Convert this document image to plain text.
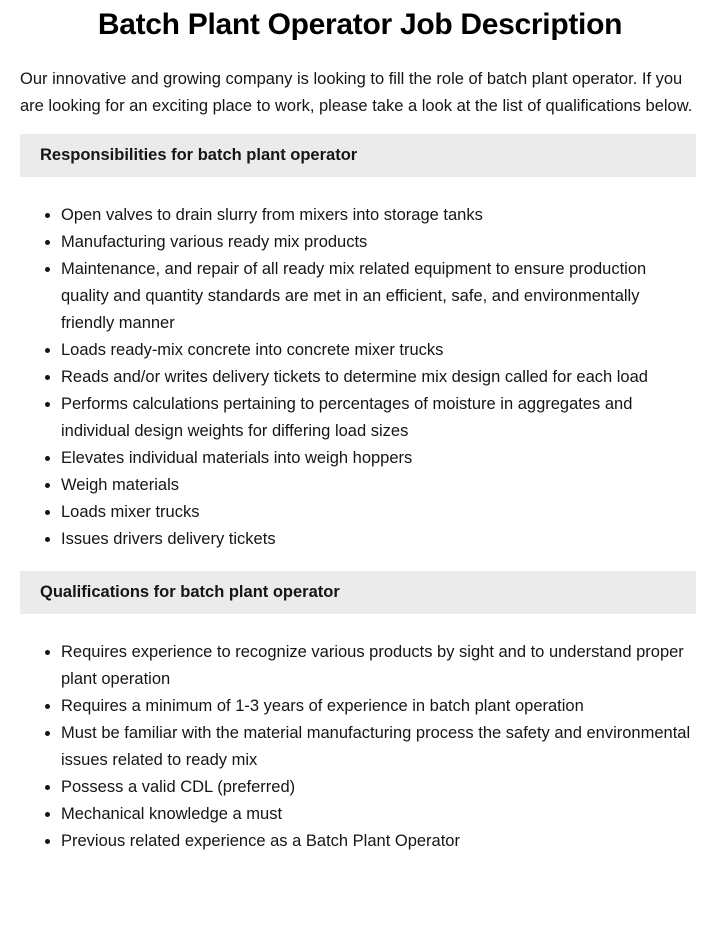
Batch Plant Operator Job Description

Our innovative and growing company is looking to fill the role of batch plant operator. If you are looking for an exciting place to work, please take a look at the list of qualifications below.

Responsibilities for batch plant operator
• Open valves to drain slurry from mixers into storage tanks
• Manufacturing various ready mix products
• Maintenance, and repair of all ready mix related equipment to ensure production quality and quantity standards are met in an efficient, safe, and environmentally friendly manner
• Loads ready-mix concrete into concrete mixer trucks
• Reads and/or writes delivery tickets to determine mix design called for each load
• Performs calculations pertaining to percentages of moisture in aggregates and individual design weights for differing load sizes
• Elevates individual materials into weigh hoppers
• Weigh materials
• Loads mixer trucks
• Issues drivers delivery tickets
Qualifications for batch plant operator
• Requires experience to recognize various products by sight and to understand proper plant operation
• Requires a minimum of 1-3 years of experience in batch plant operation
• Must be familiar with the material manufacturing process the safety and environmental issues related to ready mix
• Possess a valid CDL (preferred)
• Mechanical knowledge a must
• Previous related experience as a Batch Plant Operator
